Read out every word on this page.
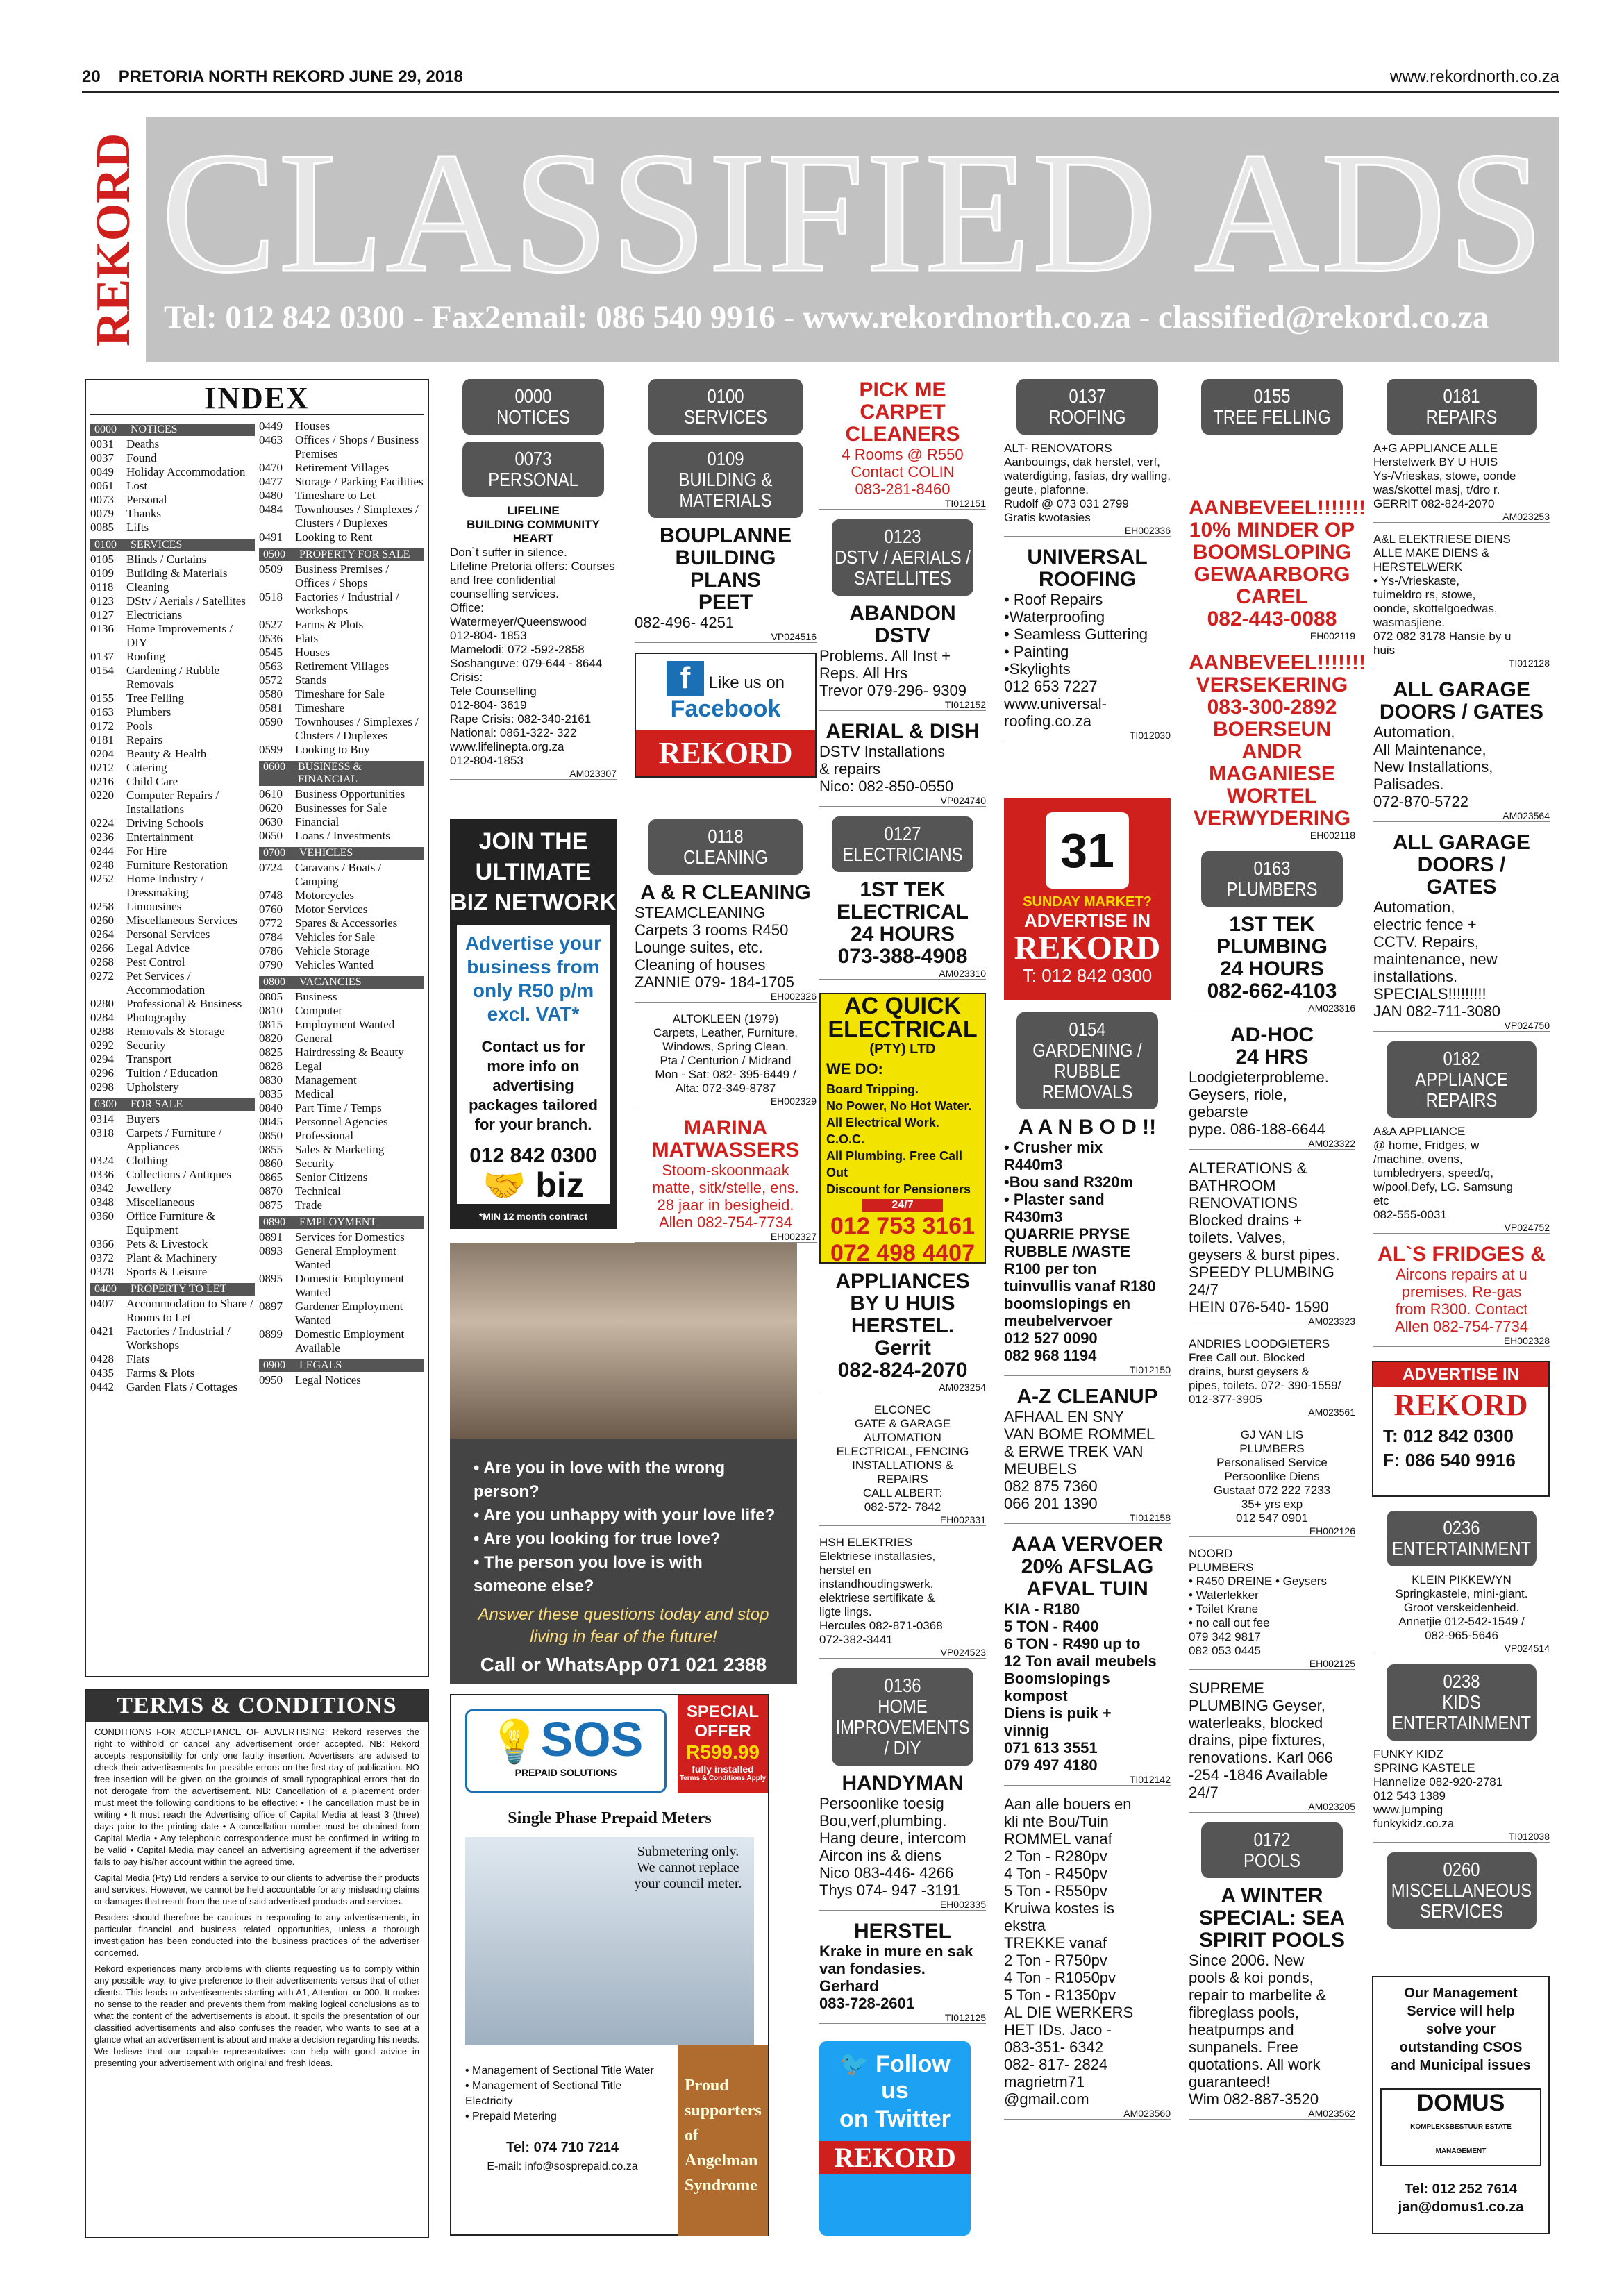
20 PRETORIA NORTH REKORD JUNE 29, 2018	www.rekordnorth.co.za
REKORD CLASSIFIED ADS
Tel: 012 842 0300 - Fax2email: 086 540 9916 - www.rekordnorth.co.za - classified@rekord.co.za
INDEX
0000	NOTICES
0031	Deaths
0037	Found
0049	Holiday Accommodation
0061	Lost
0073	Personal
0079	Thanks
0085	Lifts
0100	SERVICES
0105	Blinds / Curtains
0109	Building & Materials
0118	Cleaning
0123	DStv / Aerials / Satellites
0127	Electricians
0136	Home Improvements / DIY
0137	Roofing
0154	Gardening / Rubble Removals
0155	Tree Felling
0163	Plumbers
0172	Pools
0181	Repairs
0204	Beauty & Health
0212	Catering
0216	Child Care
0220	Computer Repairs / Installations
0224	Driving Schools
0236	Entertainment
0244	For Hire
0248	Furniture Restoration
0252	Home Industry / Dressmaking
0258	Limousines
0260	Miscellaneous Services
0264	Personal Services
0266	Legal Advice
0268	Pest Control
0272	Pet Services / Accommodation
0280	Professional & Business
0284	Photography
0288	Removals & Storage
0292	Security
0294	Transport
0296	Tuition / Education
0298	Upholstery
0300	FOR SALE
0314	Buyers
0318	Carpets / Furniture / Appliances
0324	Clothing
0336	Collections / Antiques
0342	Jewellery
0348	Miscellaneous
0360	Office Furniture & Equipment
0366	Pets & Livestock
0372	Plant & Machinery
0378	Sports & Leisure
0400	PROPERTY TO LET
0407	Accommodation to Share / Rooms to Let
0421	Factories / Industrial / Workshops
0428	Flats
0435	Farms & Plots
0442	Garden Flats / Cottages
0449	Houses
0463	Offices / Shops / Business Premises
0470	Retirement Villages
0477	Storage / Parking Facilities
0480	Timeshare to Let
0484	Townhouses / Simplexes / Clusters / Duplexes
0491	Looking to Rent
0500	PROPERTY FOR SALE
0509	Business Premises / Offices / Shops
0518	Factories / Industrial / Workshops
0527	Farms & Plots
0536	Flats
0545	Houses
0563	Retirement Villages
0572	Stands
0580	Timeshare for Sale
0581	Timeshare
0590	Townhouses / Simplexes / Clusters / Duplexes
0599	Looking to Buy
0600	BUSINESS & FINANCIAL
0610	Business Opportunities
0620	Businesses for Sale
0630	Financial
0650	Loans / Investments
0700	VEHICLES
0724	Caravans / Boats / Camping
0748	Motorcycles
0760	Motor Services
0772	Spares & Accessories
0784	Vehicles for Sale
0786	Vehicle Storage
0790	Vehicles Wanted
0800	VACANCIES
0805	Business
0810	Computer
0815	Employment Wanted
0820	General
0825	Hairdressing & Beauty
0828	Legal
0830	Management
0835	Medical
0840	Part Time / Temps
0845	Personnel Agencies
0850	Professional
0855	Sales & Marketing
0860	Security
0865	Senior Citizens
0870	Technical
0875	Trade
0890	EMPLOYMENT
0891	Services for Domestics
0893	General Employment Wanted
0895	Domestic Employment Wanted
0897	Gardener Employment Wanted
0899	Domestic Employment Available
0900	LEGALS
0950	Legal Notices
TERMS & CONDITIONS

CONDITIONS FOR ACCEPTANCE OF ADVERTISING: Rekord reserves the right to withhold or cancel any advertisement order accepted. NB: Rekord accepts responsibility for only one faulty insertion. Advertisers are advised to check their advertisements for possible errors on the first day of publication. NO free insertion will be given on the grounds of small typographical errors that do not derogate from the advertisement. NB: Cancellation of a placement order must meet the following conditions to be effective: • The cancellation must be in writing • It must reach the Advertising office of Capital Media at least 3 (three) days prior to the printing date • A cancellation number must be obtained from Capital Media • Any telephonic correspondence must be confirmed in writing to be valid • Capital Media may cancel an advertising agreement if the advertiser fails to pay his/her account within the agreed time.

Capital Media (Pty) Ltd renders a service to our clients to advertise their products and services. However, we cannot be held accountable for any misleading claims or damages that result from the use of said advertised products and services.

Readers should therefore be cautious in responding to any advertisements, in particular financial and business related opportunities, unless a thorough investigation has been conducted into the business practices of the advertiser concerned.

Rekord experiences many problems with clients requesting us to comply within any possible way, to give preference to their advertisements versus that of other clients. This leads to advertisements starting with A1, Attention, or 000. It makes no sense to the reader and prevents them from making logical conclusions as to what the content of the advertisements is about. It spoils the presentation of our classified advertisements and also confuses the reader, who wants to see at a glance what an advertisement is about and make a decision regarding his needs. We believe that our capable representatives can help with good advice in presenting your advertisement with original and fresh ideas.

0000
NOTICES
0073
PERSONAL
LIFELINE
BUILDING COMMUNITY HEART
Don`t suffer in silence.
Lifeline Pretoria offers: Courses and free confidential counselling services.
Office:
Watermeyer/Queenswood
012-804- 1853
Mamelodi: 072 -592-2858
Soshanguve: 079-644 - 8644
Crisis:
Tele Counselling
012-804- 3619
Rape Crisis: 082-340-2161
National: 0861-322- 322
www.lifelinepta.org.za
012-804-1853
AM023307
JOIN THE
ULTIMATE
BIZ NETWORK
Advertise your business from only R50 p/m excl. VAT*
Contact us for more info on advertising packages tailored for your branch.
012 842 0300
🤝 biz
*MIN 12 month contract
• Are you in love with the wrong person?
• Are you unhappy with your love life?
• Are you looking for true love?
• The person you love is with someone else?
Answer these questions today and stop living in fear of the future!
Call or WhatsApp 071 021 2388
💡SOS
PREPAID SOLUTIONS
SPECIAL OFFER
R599.99
fully installed
Terms & Conditions Apply
Single Phase Prepaid Meters
Submetering only. We cannot replace your council meter.
• Management of Sectional Title Water
• Management of Sectional Title Electricity
• Prepaid Metering
Tel: 074 710 7214
E-mail: info@sosprepaid.co.za
Proud supporters of Angelman Syndrome
0100
SERVICES
0109
BUILDING &
MATERIALS
BOUPLANNE
BUILDING
PLANS
PEET
082-496- 4251
VP024516
f Like us on
Facebook
REKORD
0118
CLEANING
A & R CLEANING
STEAMCLEANING
Carpets 3 rooms R450
Lounge suites, etc.
Cleaning of houses
ZANNIE 079- 184-1705
EH002326
ALTOKLEEN (1979)
Carpets, Leather, Furniture, Windows, Spring Clean.
Pta / Centurion / Midrand
Mon - Sat: 082- 395-6449 /
Alta: 072-349-8787
EH002329
MARINA
MATWASSERS
Stoom-skoonmaak
matte, sitk/stelle, ens.
28 jaar in besigheid.
Allen 082-754-7734
EH002327
PICK ME
CARPET
CLEANERS
4 Rooms @ R550
Contact COLIN
083-281-8460
TI012151
0123
DSTV / AERIALS /
SATELLITES
ABANDON DSTV
Problems. All Inst +
Reps. All Hrs
Trevor 079-296- 9309
TI012152
AERIAL & DISH
DSTV Installations
& repairs
Nico: 082-850-0550
VP024740
0127
ELECTRICIANS
1ST TEK
ELECTRICAL
24 HOURS
073-388-4908
AM023310
AC QUICK
ELECTRICAL
(PTY) LTD
WE DO:
Board Tripping.
No Power, No Hot Water.
All Electrical Work. C.O.C.
All Plumbing. Free Call Out
Discount for Pensioners
24/7
012 753 3161
072 498 4407
APPLIANCES
BY U HUIS
HERSTEL.
Gerrit
082-824-2070
AM023254
ELCONEC
GATE & GARAGE
AUTOMATION
ELECTRICAL, FENCING
INSTALLATIONS &
REPAIRS
CALL ALBERT:
082-572- 7842
EH002331
HSH ELEKTRIES
Elektriese installasies,
herstel en
instandhoudingswerk,
elektriese sertifikate &
ligte lings.
Hercules 082-871-0368
072-382-3441
VP024523
0136
HOME IMPROVEMENTS
/ DIY
HANDYMAN
Persoonlike toesig
Bou,verf,plumbing.
Hang deure, intercom
Aircon ins & diens
Nico 083-446- 4266
Thys 074- 947 -3191
EH002335
HERSTEL
Krake in mure en sak
van fondasies.
Gerhard
083-728-2601
TI012125
🐦 Follow
us
on Twitter
REKORD
0137
ROOFING
ALT- RENOVATORS
Aanbouings, dak herstel, verf, waterdigting, fasias, dry walling, geute, plafonne.
Rudolf @ 073 031 2799
Gratis kwotasies
EH002336
UNIVERSAL
ROOFING
• Roof Repairs
•Waterproofing
• Seamless Guttering
• Painting
•Skylights
012 653 7227
www.universal-roofing.co.za
TI012030
31
SUNDAY MARKET?
ADVERTISE IN
REKORD
T: 012 842 0300
0154
GARDENING / RUBBLE
REMOVALS
A A N B O D !!
• Crusher mix
R440m3
•Bou sand R320m
• Plaster sand
R430m3
QUARRIE PRYSE
RUBBLE /WASTE
R100 per ton
tuinvullis vanaf R180
boomslopings en
meubelvervoer
012 527 0090
082 968 1194
TI012150
A-Z CLEANUP
AFHAAL EN SNY
VAN BOME ROMMEL
& ERWE TREK VAN
MEUBELS
082 875 7360
066 201 1390
TI012158
AAA VERVOER
20% AFSLAG
AFVAL TUIN
KIA - R180
5 TON - R400
6 TON - R490 up to
12 Ton avail meubels
Boomslopings
kompost
Diens is puik +
vinnig
071 613 3551
079 497 4180
TI012142
Aan alle bouers en
kli nte Bou/Tuin
ROMMEL vanaf
2 Ton - R280pv
4 Ton - R450pv
5 Ton - R550pv
Kruiwa kostes is
ekstra
TREKKE vanaf
2 Ton - R750pv
4 Ton - R1050pv
5 Ton - R1350pv
AL DIE WERKERS
HET IDs. Jaco -
083-351- 6342
082- 817- 2824
magrietm71
@gmail.com
AM023560
0155
TREE FELLING
AANBEVEEL!!!!!!!
10% MINDER OP
BOOMSLOPING
GEWAARBORG
CAREL
082-443-0088
EH002119
AANBEVEEL!!!!!!!
VERSEKERING
083-300-2892
BOERSEUN
ANDR
MAGANIESE WORTEL
VERWYDERING
EH002118
0163
PLUMBERS
1ST TEK
PLUMBING
24 HOURS
082-662-4103
AM023316
AD-HOC
24 HRS
Loodgieterprobleme.
Geysers, riole,
gebarste
pype. 086-188-6644
AM023322
ALTERATIONS &
BATHROOM
RENOVATIONS
Blocked drains +
toilets. Valves,
geysers & burst pipes.
SPEEDY PLUMBING
24/7
HEIN 076-540- 1590
AM023323
ANDRIES LOODGIETERS
Free Call out. Blocked
drains, burst geysers &
pipes, toilets. 072- 390-1559/
012-377-3905
AM023561
GJ VAN LIS
PLUMBERS
Personalised Service
Persoonlike Diens
Gustaaf 072 222 7233
35+ yrs exp
012 547 0901
EH002126
NOORD
PLUMBERS
• R450 DREINE • Geysers
• Waterlekker
• Toilet Krane
• no call out fee
079 342 9817
082 053 0445
EH002125
SUPREME
PLUMBING Geyser,
waterleaks, blocked
drains, pipe fixtures,
renovations. Karl 066
-254 -1846 Available
24/7
AM023205
0172
POOLS
A WINTER
SPECIAL: SEA
SPIRIT POOLS
Since 2006. New
pools & koi ponds,
repair to marbelite &
fibreglass pools,
heatpumps and
sunpanels. Free
quotations. All work
guaranteed!
Wim 082-887-3520
AM023562
0181
REPAIRS
A+G APPLIANCE ALLE
Herstelwerk BY U HUIS
Ys-/Vrieskas, stowe, oonde
was/skottel masj, t/dro r.
GERRIT 082-824-2070
AM023253
A&L ELEKTRIESE DIENS
ALLE MAKE DIENS &
HERSTELWERK
• Ys-/Vrieskaste,
tuimeldro rs, stowe,
oonde, skottelgoedwas,
wasmasjiene.
072 082 3178 Hansie by u
huis
TI012128
ALL GARAGE
DOORS / GATES
Automation,
All Maintenance,
New Installations,
Palisades.
072-870-5722
AM023564
ALL GARAGE
DOORS /
GATES
Automation,
electric fence +
CCTV. Repairs,
maintenance, new
installations.
SPECIALS!!!!!!!!!
JAN 082-711-3080
VP024750
0182
APPLIANCE REPAIRS
A&A APPLIANCE
@ home, Fridges, w
/machine, ovens,
tumbledryers, speed/q,
w/pool,Defy, LG. Samsung
etc
082-555-0031
VP024752
AL`S FRIDGES &
Aircons repairs at u
premises. Re-gas
from R300. Contact
Allen 082-754-7734
EH002328
ADVERTISE IN
REKORD
T: 012 842 0300
F: 086 540 9916
0236
ENTERTAINMENT
KLEIN PIKKEWYN
Springkastele, mini-giant.
Groot verskeidenheid.
Annetjie 012-542-1549 /
082-965-5646
VP024514
0238
KIDS ENTERTAINMENT
FUNKY KIDZ
SPRING KASTELE
Hannelize 082-920-2781
012 543 1389
www.jumping
funkykidz.co.za
TI012038
0260
MISCELLANEOUS
SERVICES
Our Management Service will help solve your outstanding CSOS and Municipal issues
DOMUS KOMPLEKSBESTUUR ESTATE MANAGEMENT
Tel: 012 252 7614
jan@domus1.co.za
